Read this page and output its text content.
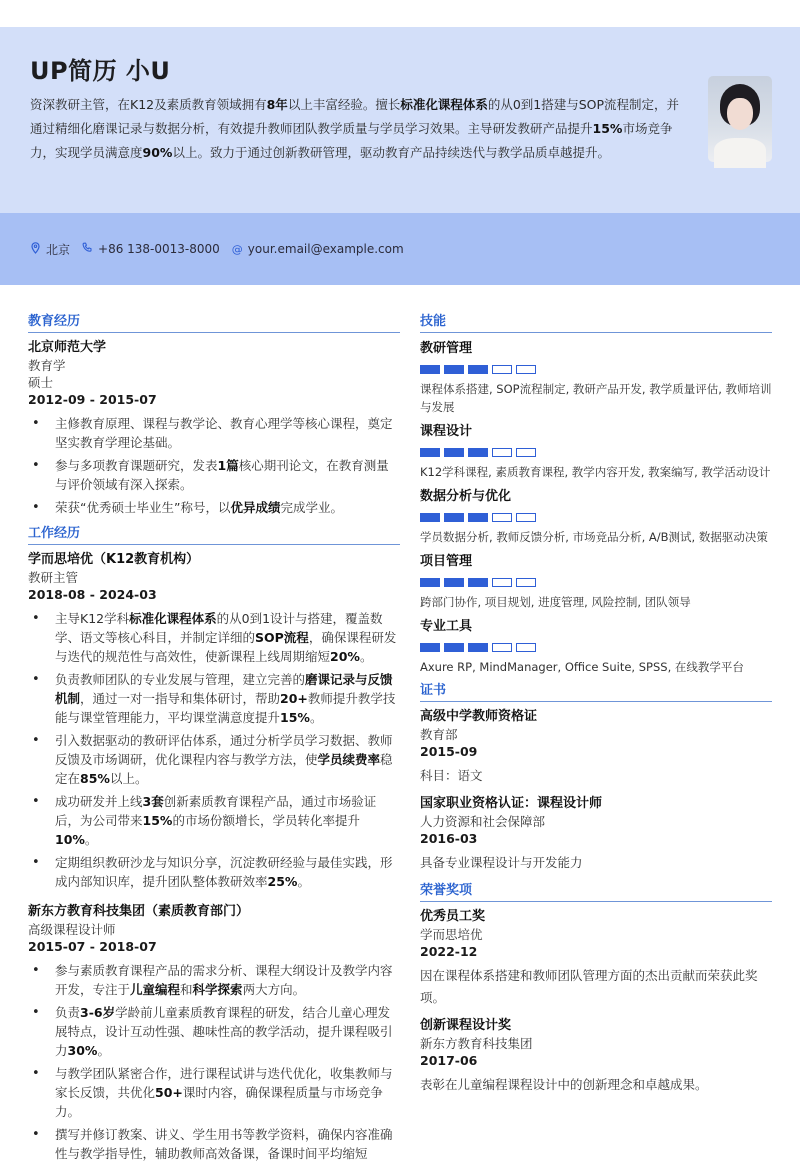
UP简历 小U

资深教研主管，在K12及素质教育领域拥有8年以上丰富经验。擅长标准化课程体系的从0到1搭建与SOP流程制定，并通过精细化磨课记录与数据分析，有效提升教师团队教学质量与学员学习效果。主导研发教研产品提升15%市场竞争力，实现学员满意度90%以上。致力于通过创新教研管理，驱动教育产品持续迭代与教学品质卓越提升。

北京 +86 138-0013-8000 @ your.email@example.com
教育经历
北京师范大学
教育学
硕士
2012-09 - 2015-07
• 主修教育原理、课程与教学论、教育心理学等核心课程，奠定坚实教育学理论基础。
• 参与多项教育课题研究，发表1篇核心期刊论文，在教育测量与评价领域有深入探索。
• 荣获“优秀硕士毕业生”称号，以优异成绩完成学业。
工作经历
学而思培优（K12教育机构）
教研主管
2018-08 - 2024-03
• 主导K12学科标准化课程体系的从0到1设计与搭建，覆盖数学、语文等核心科目，并制定详细的SOP流程，确保课程研发与迭代的规范性与高效性，使新课程上线周期缩短20%。
• 负责教师团队的专业发展与管理，建立完善的磨课记录与反馈机制，通过一对一指导和集体研讨，帮助20+教师提升教学技能与课堂管理能力，平均课堂满意度提升15%。
• 引入数据驱动的教研评估体系，通过分析学员学习数据、教师反馈及市场调研，优化课程内容与教学方法，使学员续费率稳定在85%以上。
• 成功研发并上线3套创新素质教育课程产品，通过市场验证后，为公司带来15%的市场份额增长，学员转化率提升10%。
• 定期组织教研沙龙与知识分享，沉淀教研经验与最佳实践，形成内部知识库，提升团队整体教研效率25%。
新东方教育科技集团（素质教育部门）
高级课程设计师
2015-07 - 2018-07
• 参与素质教育课程产品的需求分析、课程大纲设计及教学内容开发，专注于儿童编程和科学探索两大方向。
• 负责3-6岁学龄前儿童素质教育课程的研发，结合儿童心理发展特点，设计互动性强、趣味性高的教学活动，提升课程吸引力30%。
• 与教学团队紧密合作，进行课程试讲与迭代优化，收集教师与家长反馈，共优化50+课时内容，确保课程质量与市场竞争力。
• 撰写并修订教案、讲义、学生用书等教学资料，确保内容准确性与教学指导性，辅助教师高效备课，备课时间平均缩短
技能
教研管理
课程体系搭建, SOP流程制定, 教研产品开发, 教学质量评估, 教师培训与发展
课程设计
K12学科课程, 素质教育课程, 教学内容开发, 教案编写, 教学活动设计
数据分析与优化
学员数据分析, 教师反馈分析, 市场竞品分析, A/B测试, 数据驱动决策
项目管理
跨部门协作, 项目规划, 进度管理, 风险控制, 团队领导
专业工具
Axure RP, MindManager, Office Suite, SPSS, 在线教学平台
证书
高级中学教师资格证
教育部
2015-09
科目：语文
国家职业资格认证：课程设计师
人力资源和社会保障部
2016-03
具备专业课程设计与开发能力
荣誉奖项
优秀员工奖
学而思培优
2022-12
因在课程体系搭建和教师团队管理方面的杰出贡献而荣获此奖项。
创新课程设计奖
新东方教育科技集团
2017-06
表彰在儿童编程课程设计中的创新理念和卓越成果。
